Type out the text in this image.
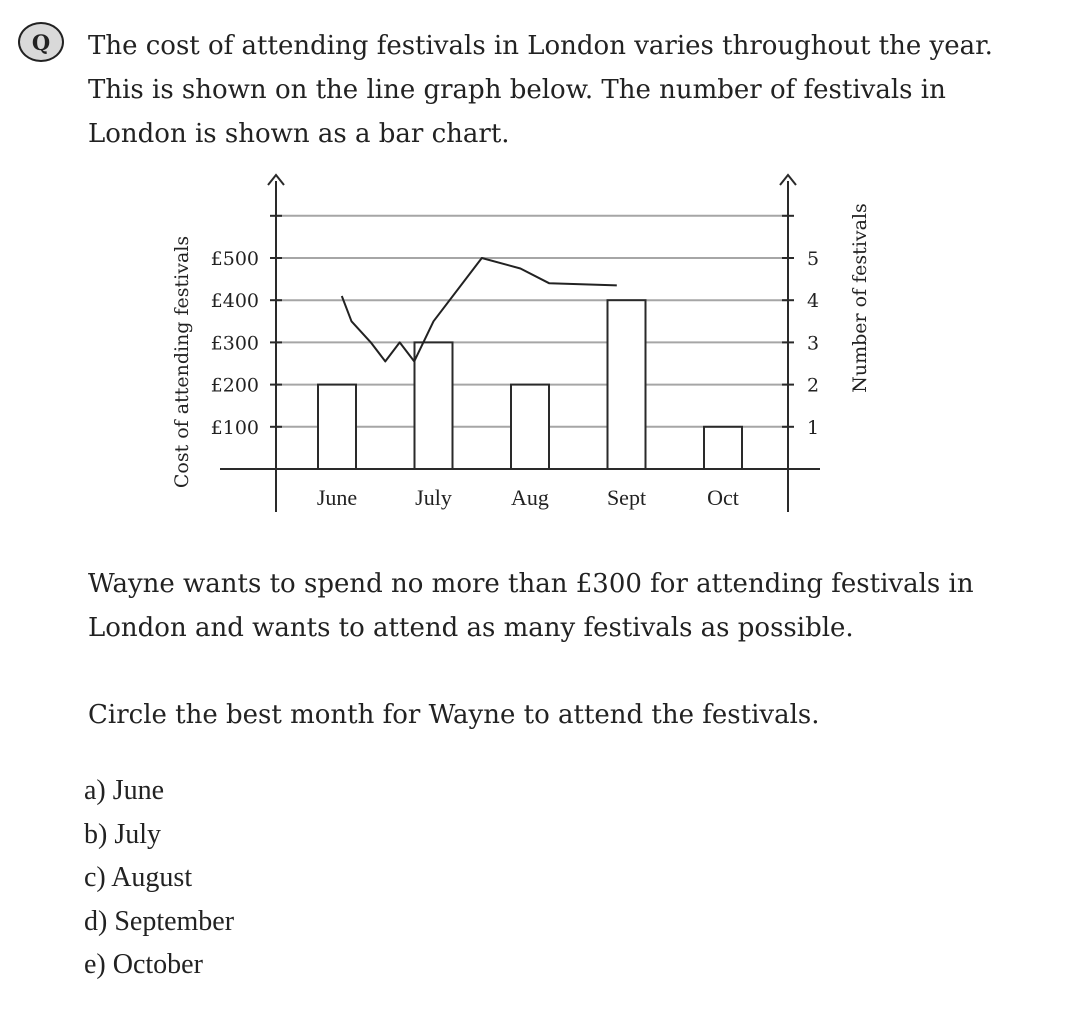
Q	The cost of attending festivals in London varies throughout the year. This is shown on the line graph below. The number of festivals in London is shown as a bar chart.

£100
£200
£300
£400
£500
1
2
3
4
5
June	July	Aug	Sept	Oct
Cost of attending festivals	Number of festivals

Wayne wants to spend no more than £300 for attending festivals in London and wants to attend as many festivals as possible.

Circle the best month for Wayne to attend the festivals.

a) June
b) July
c) August
d) September
e) October
